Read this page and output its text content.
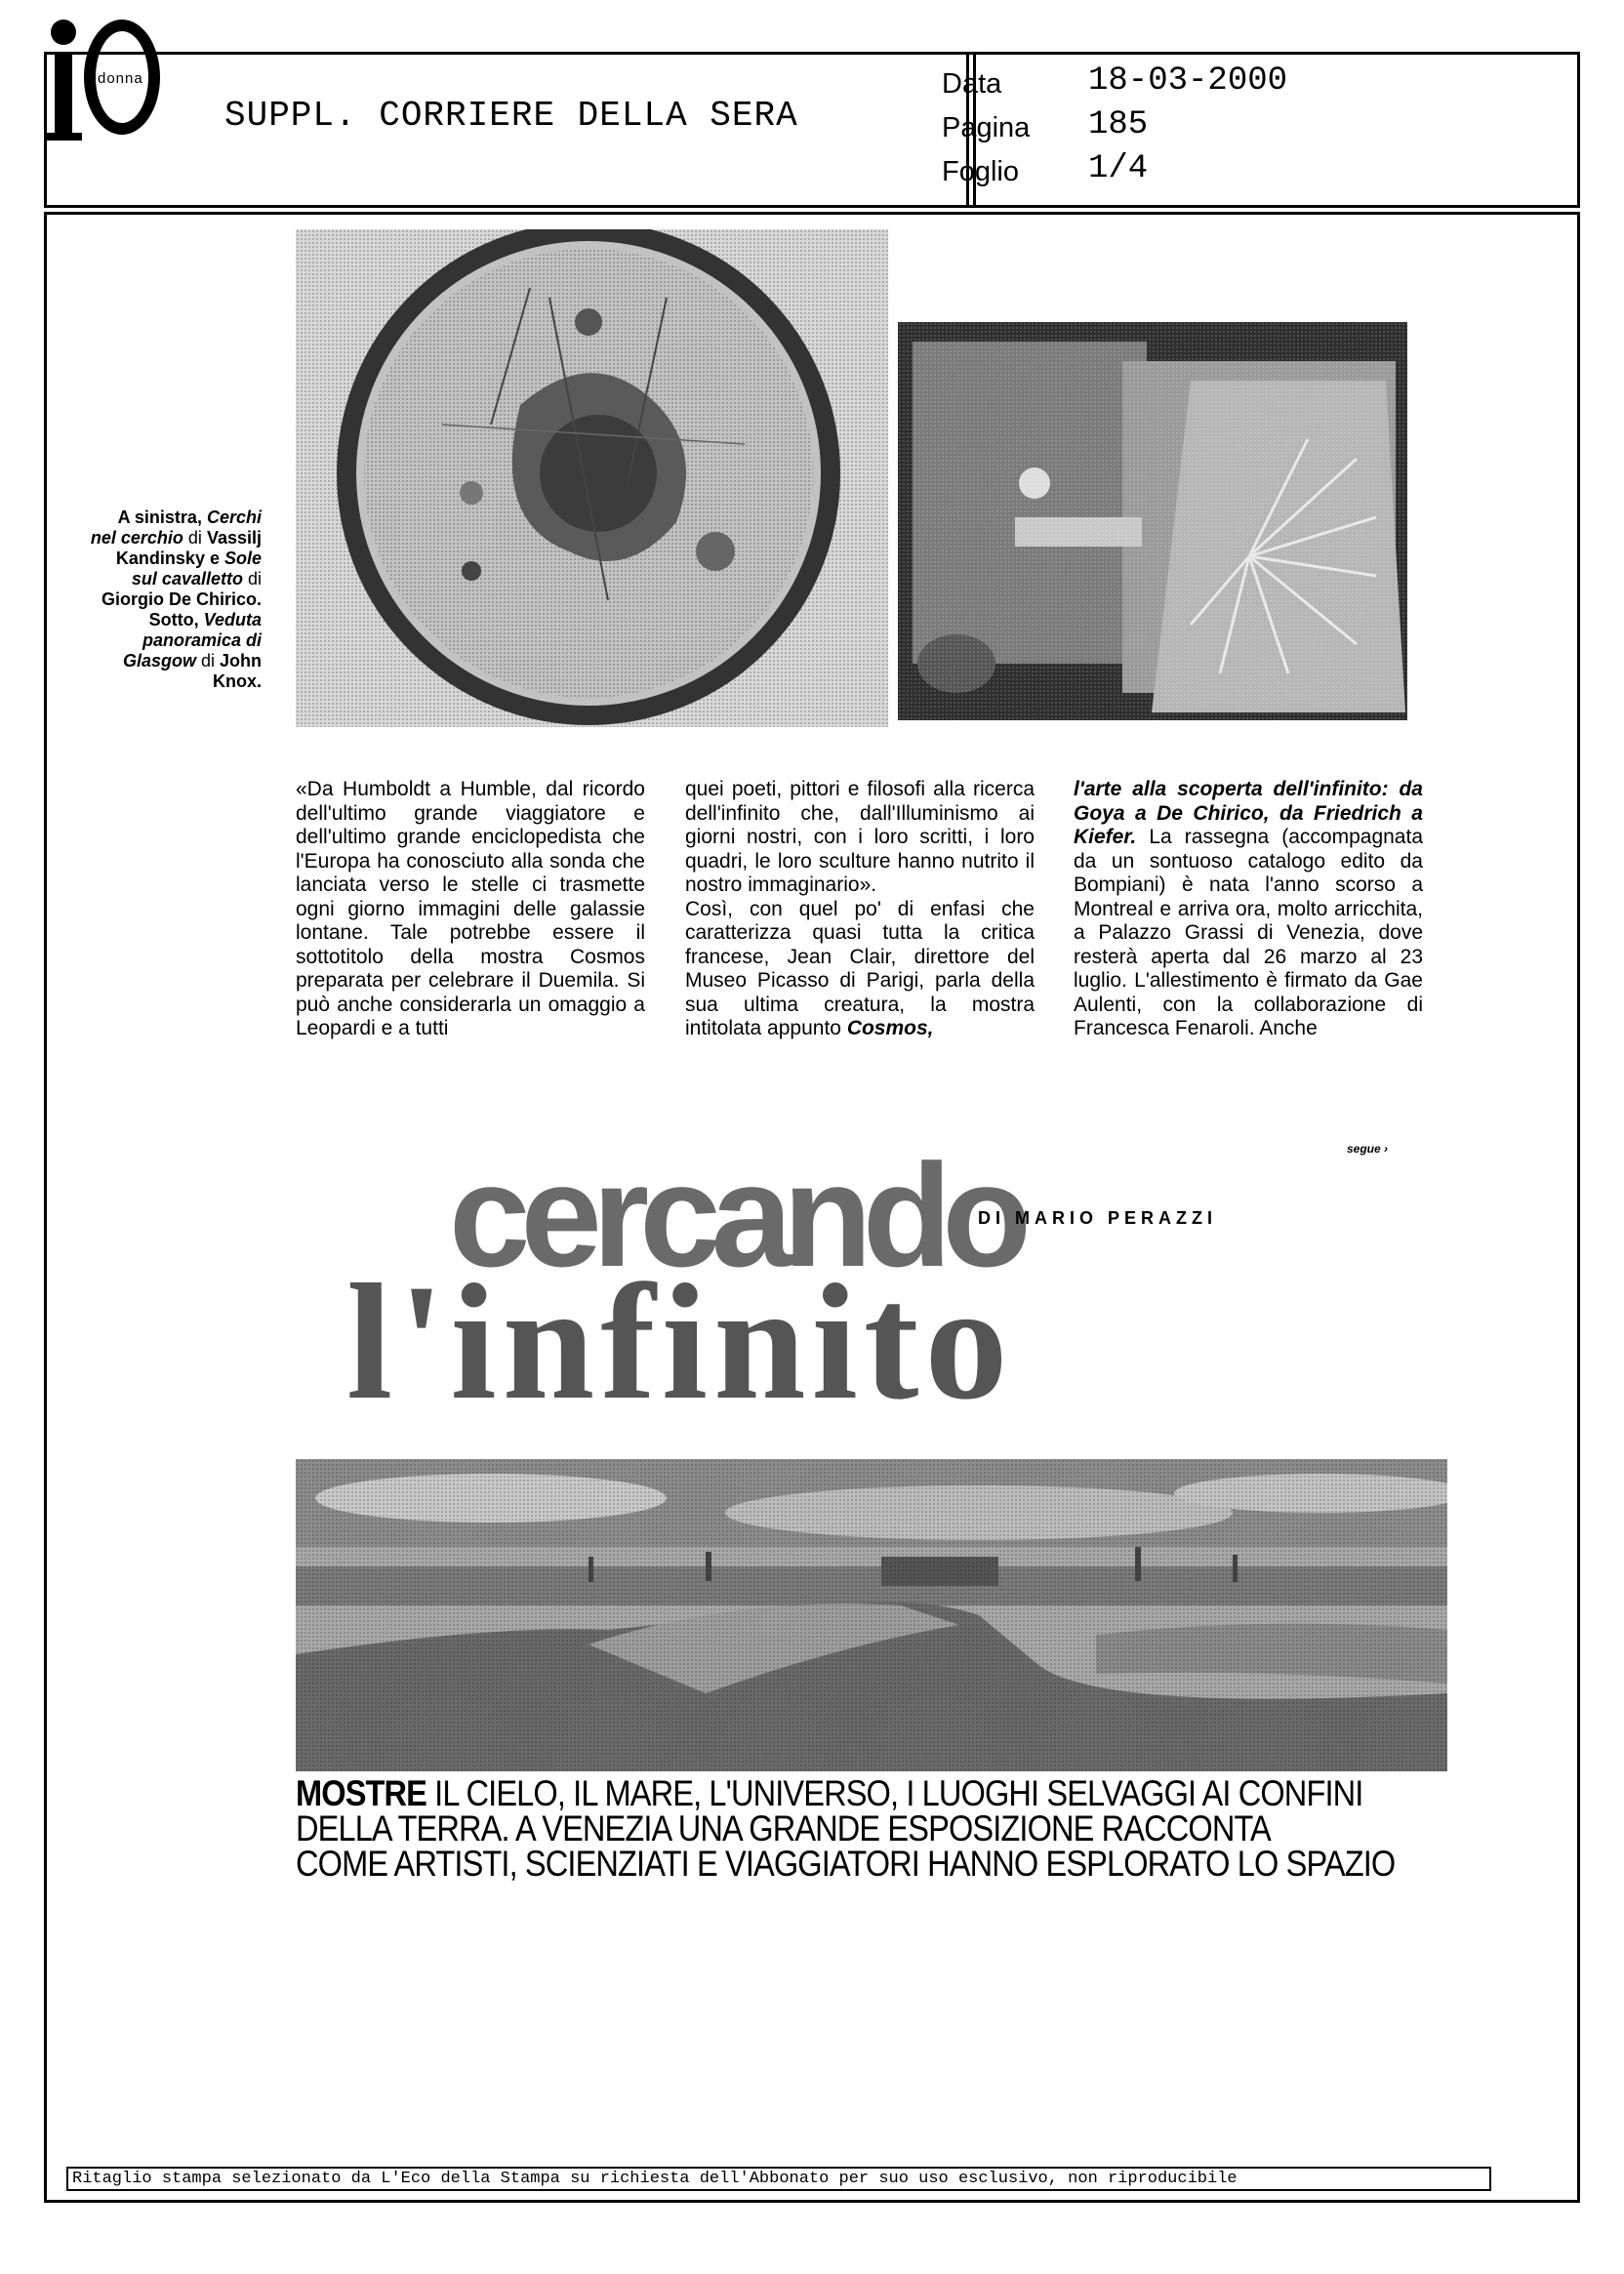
donna
SUPPL. CORRIERE DELLA SERA
Data	18-03-2000
Pagina 185
Foglio 1/4
A sinistra, Cerchi nel cerchio di Vassilj Kandinsky e Sole sul cavalletto di Giorgio De Chirico. Sotto, Veduta panoramica di Glasgow di John Knox.

«Da Humboldt a Humble, dal ricordo dell'ultimo grande viaggiatore e dell'ultimo grande enciclopedista che l'Europa ha conosciuto alla sonda che lanciata verso le stelle ci trasmette ogni giorno immagini delle galassie lontane. Tale potrebbe essere il sottotitolo della mostra Cosmos preparata per celebrare il Duemila. Si può anche considerarla un omaggio a Leopardi e a tutti

quei poeti, pittori e filosofi alla ricerca dell'infinito che, dall'Illuminismo ai giorni nostri, con i loro scritti, i loro quadri, le loro sculture hanno nutrito il nostro immaginario».

Così, con quel po' di enfasi che caratterizza quasi tutta la critica francese, Jean Clair, direttore del Museo Picasso di Parigi, parla della sua ultima creatura, la mostra intitolata appunto Cosmos,

l'arte alla scoperta dell'infinito: da Goya a De Chirico, da Friedrich a Kiefer. La rassegna (accompagnata da un sontuoso catalogo edito da Bompiani) è nata l'anno scorso a Montreal e arriva ora, molto arricchita, a Palazzo Grassi di Venezia, dove resterà aperta dal 26 marzo al 23 luglio. L'allestimento è firmato da Gae Aulenti, con la collaborazione di Francesca Fenaroli. Anche

segue ›
cercando
DI MARIO PERAZZI
l'infinito
MOSTRE IL CIELO, IL MARE, L'UNIVERSO, I LUOGHI SELVAGGI AI CONFINI
DELLA TERRA. A VENEZIA UNA GRANDE ESPOSIZIONE RACCONTA
COME ARTISTI, SCIENZIATI E VIAGGIATORI HANNO ESPLORATO LO SPAZIO
Ritaglio stampa selezionato da L'Eco della Stampa su richiesta dell'Abbonato per suo uso esclusivo, non riproducibile
